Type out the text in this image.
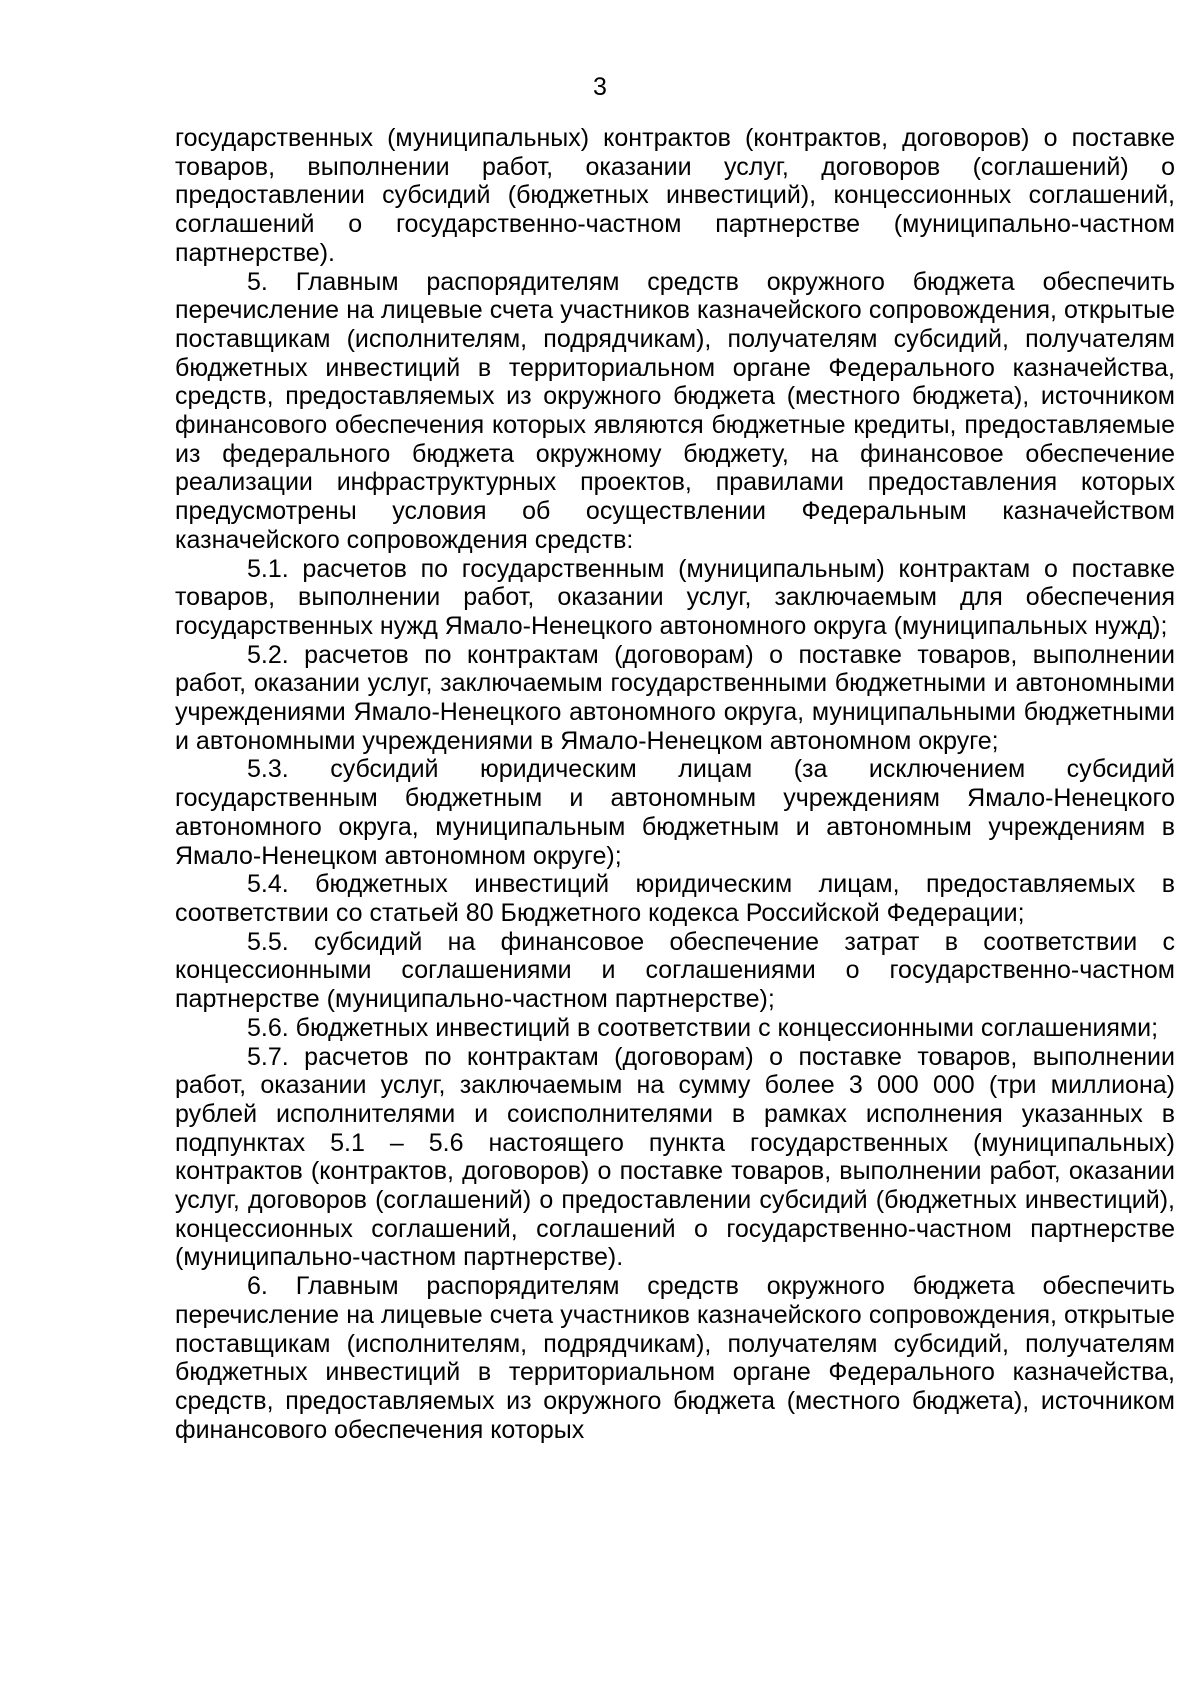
3

государственных (муниципальных) контрактов (контрактов, договоров) о поставке товаров, выполнении работ, оказании услуг, договоров (соглашений) о предоставлении субсидий (бюджетных инвестиций), концессионных соглашений, соглашений о государственно-частном партнерстве (муниципально-частном партнерстве).

5. Главным распорядителям средств окружного бюджета обеспечить перечисление на лицевые счета участников казначейского сопровождения, открытые поставщикам (исполнителям, подрядчикам), получателям субсидий, получателям бюджетных инвестиций в территориальном органе Федерального казначейства, средств, предоставляемых из окружного бюджета (местного бюджета), источником финансового обеспечения которых являются бюджетные кредиты, предоставляемые из федерального бюджета окружному бюджету, на финансовое обеспечение реализации инфраструктурных проектов, правилами предоставления которых предусмотрены условия об осуществлении Федеральным казначейством казначейского сопровождения средств:

5.1. расчетов по государственным (муниципальным) контрактам о поставке товаров, выполнении работ, оказании услуг, заключаемым для обеспечения государственных нужд Ямало-Ненецкого автономного округа (муниципальных нужд);

5.2. расчетов по контрактам (договорам) о поставке товаров, выполнении работ, оказании услуг, заключаемым государственными бюджетными и автономными учреждениями Ямало-Ненецкого автономного округа, муниципальными бюджетными и автономными учреждениями в Ямало-Ненецком автономном округе;

5.3. субсидий юридическим лицам (за исключением субсидий государственным бюджетным и автономным учреждениям Ямало-Ненецкого автономного округа, муниципальным бюджетным и автономным учреждениям в Ямало-Ненецком автономном округе);

5.4. бюджетных инвестиций юридическим лицам, предоставляемых в соответствии со статьей 80 Бюджетного кодекса Российской Федерации;

5.5. субсидий на финансовое обеспечение затрат в соответствии с концессионными соглашениями и соглашениями о государственно-частном партнерстве (муниципально-частном партнерстве);

5.6. бюджетных инвестиций в соответствии с концессионными соглашениями;

5.7. расчетов по контрактам (договорам) о поставке товаров, выполнении работ, оказании услуг, заключаемым на сумму более 3 000 000 (три миллиона) рублей исполнителями и соисполнителями в рамках исполнения указанных в подпунктах 5.1 – 5.6 настоящего пункта государственных (муниципальных) контрактов (контрактов, договоров) о поставке товаров, выполнении работ, оказании услуг, договоров (соглашений) о предоставлении субсидий (бюджетных инвестиций), концессионных соглашений, соглашений о государственно-частном партнерстве (муниципально-частном партнерстве).

6. Главным распорядителям средств окружного бюджета обеспечить перечисление на лицевые счета участников казначейского сопровождения, открытые поставщикам (исполнителям, подрядчикам), получателям субсидий, получателям бюджетных инвестиций в территориальном органе Федерального казначейства, средств, предоставляемых из окружного бюджета (местного бюджета), источником финансового обеспечения которых
